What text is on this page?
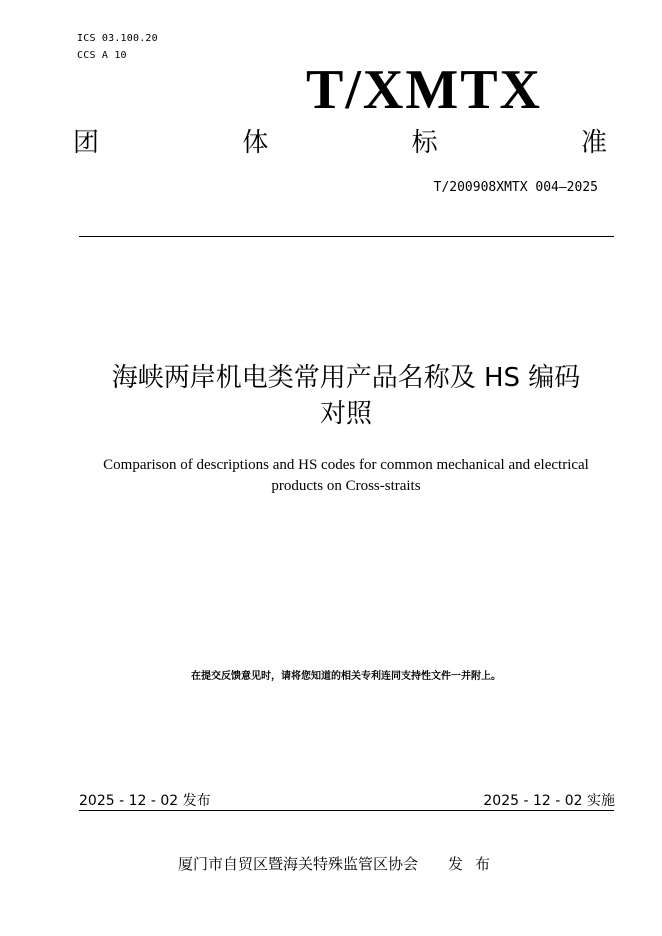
ICS 03.100.20
CCS A 10
T/XMTX
团	体	标	准
T/200908XMTX 004—2025
海峡两岸机电类常用产品名称及 HS 编码
对照
Comparison of descriptions and HS codes for common mechanical and electrical
products on Cross-straits
在提交反馈意见时，请将您知道的相关专利连同支持性文件一并附上。
2025 - 12 - 02 发布	2025 - 12 - 02 实施
厦门市自贸区暨海关特殊监管区协会 发布
